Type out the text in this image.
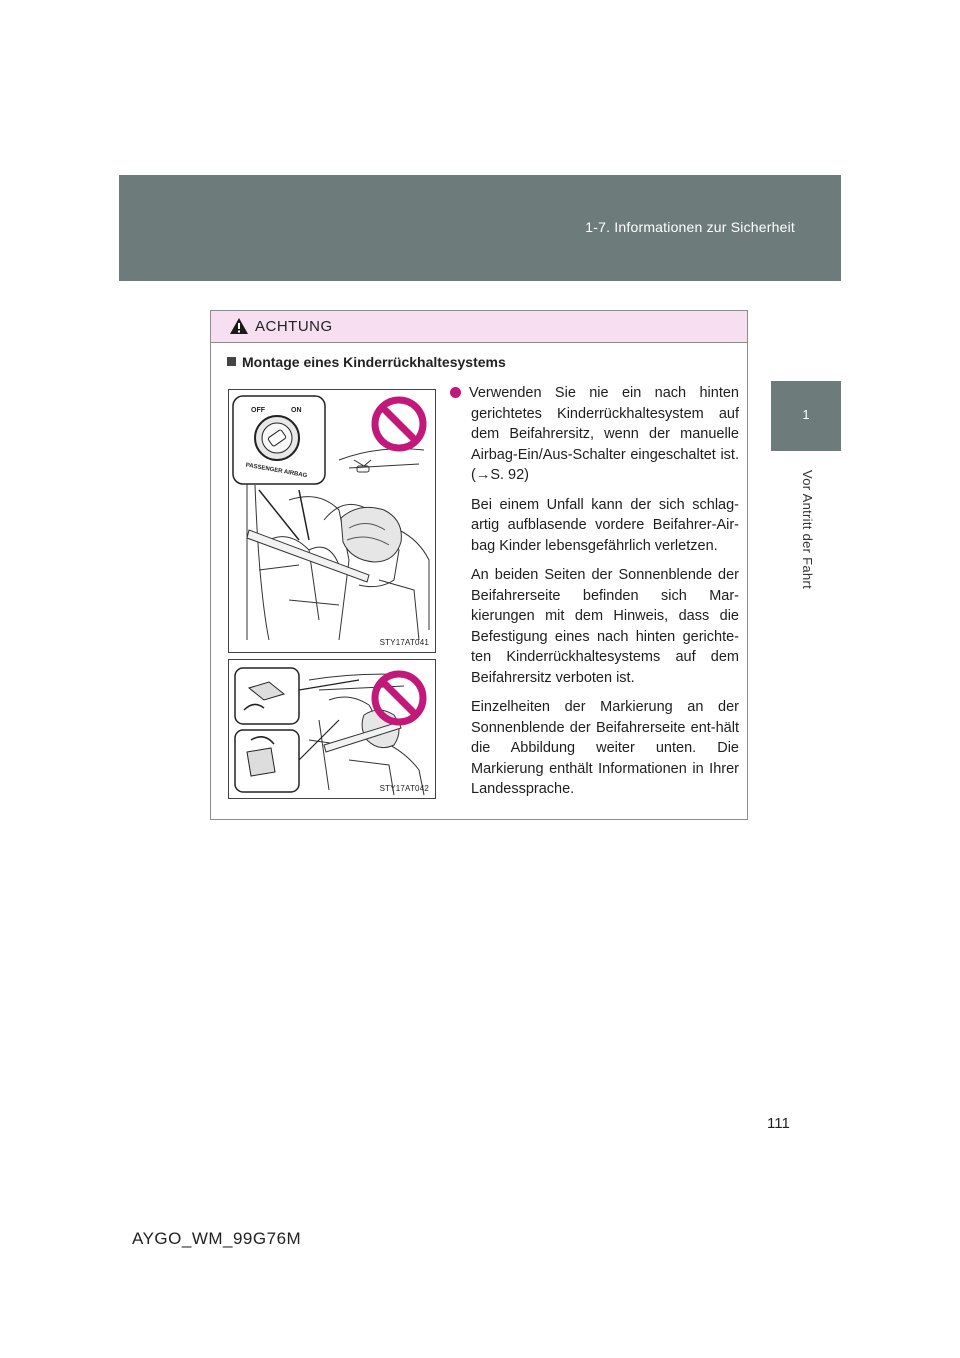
1-7. Informationen zur Sicherheit
1
Vor Antritt der Fahrt
ACHTUNG
Montage eines Kinderrückhaltesystems
OFF	ON
PASSENGER AIRBAG
STY17AT041
STY17AT042

Verwenden Sie nie ein nach hinten gerichtetes Kinderrückhaltesystem auf dem Beifahrersitz, wenn der manuelle Airbag-Ein/Aus-Schalter eingeschaltet ist. (→S. 92)

Bei einem Unfall kann der sich schlag-artig aufblasende vordere Beifahrer-Air-bag Kinder lebensgefährlich verletzen.

An beiden Seiten der Sonnenblende der Beifahrerseite befinden sich Mar-kierungen mit dem Hinweis, dass die Befestigung eines nach hinten gerichte-ten Kinderrückhaltesystems auf dem Beifahrersitz verboten ist.

Einzelheiten der Markierung an der Sonnenblende der Beifahrerseite ent-hält die Abbildung weiter unten. Die Markierung enthält Informationen in Ihrer Landessprache.

111
AYGO_WM_99G76M
